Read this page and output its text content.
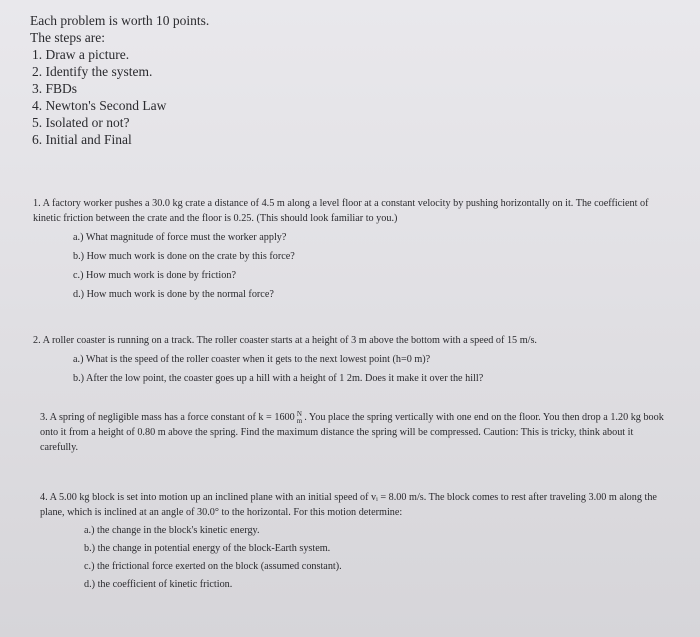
Each problem is worth 10 points.
The steps are:
1. Draw a picture.
2. Identify the system.
3. FBDs
4. Newton's Second Law
5. Isolated or not?
6. Initial and Final
1. A factory worker pushes a 30.0 kg crate a distance of 4.5 m along a level floor at a constant velocity by pushing horizontally on it. The coefficient of kinetic friction between the crate and the floor is 0.25. (This should look familiar to you.)
a.) What magnitude of force must the worker apply?
b.) How much work is done on the crate by this force?
c.) How much work is done by friction?
d.) How much work is done by the normal force?
2. A roller coaster is running on a track. The roller coaster starts at a height of 3 m above the bottom with a speed of 15 m/s.
a.) What is the speed of the roller coaster when it gets to the next lowest point (h=0 m)?
b.) After the low point, the coaster goes up a hill with a height of 1 2m. Does it make it over the hill?
3. A spring of negligible mass has a force constant of k = 1600 N
m . You place the spring vertically with one end on the floor. You then drop a 1.20 kg book onto it from a height of 0.80 m above the spring. Find the maximum distance the spring will be compressed. Caution: This is tricky, think about it carefully.
4. A 5.00 kg block is set into motion up an inclined plane with an initial speed of vᵢ = 8.00 m/s. The block comes to rest after traveling 3.00 m along the plane, which is inclined at an angle of 30.0° to the horizontal. For this motion determine:
a.) the change in the block's kinetic energy.
b.) the change in potential energy of the block-Earth system.
c.) the frictional force exerted on the block (assumed constant).
d.) the coefficient of kinetic friction.
